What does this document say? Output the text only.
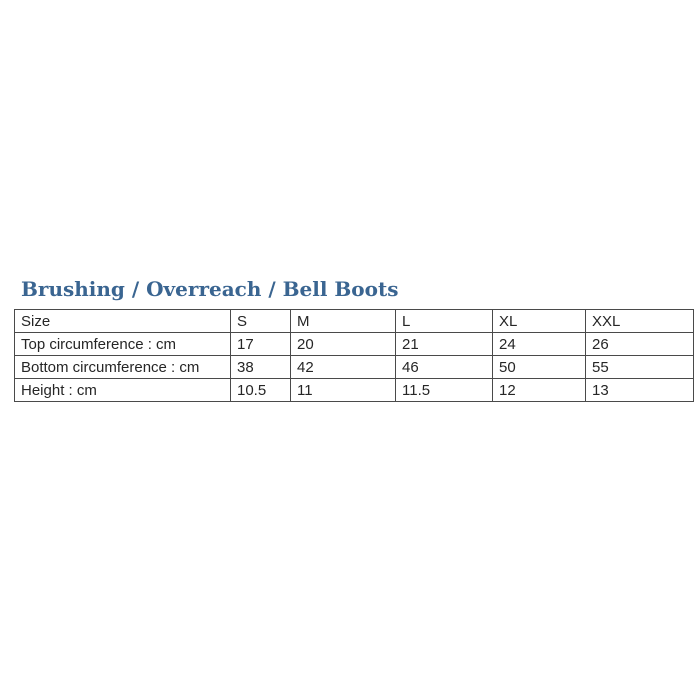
Brushing / Overreach / Bell Boots
Size	S	M	L	XL	XXL
Top circumference : cm	17	20	21	24	26
Bottom circumference : cm	38	42	46	50	55
Height : cm	10.5	11	11.5	12	13
